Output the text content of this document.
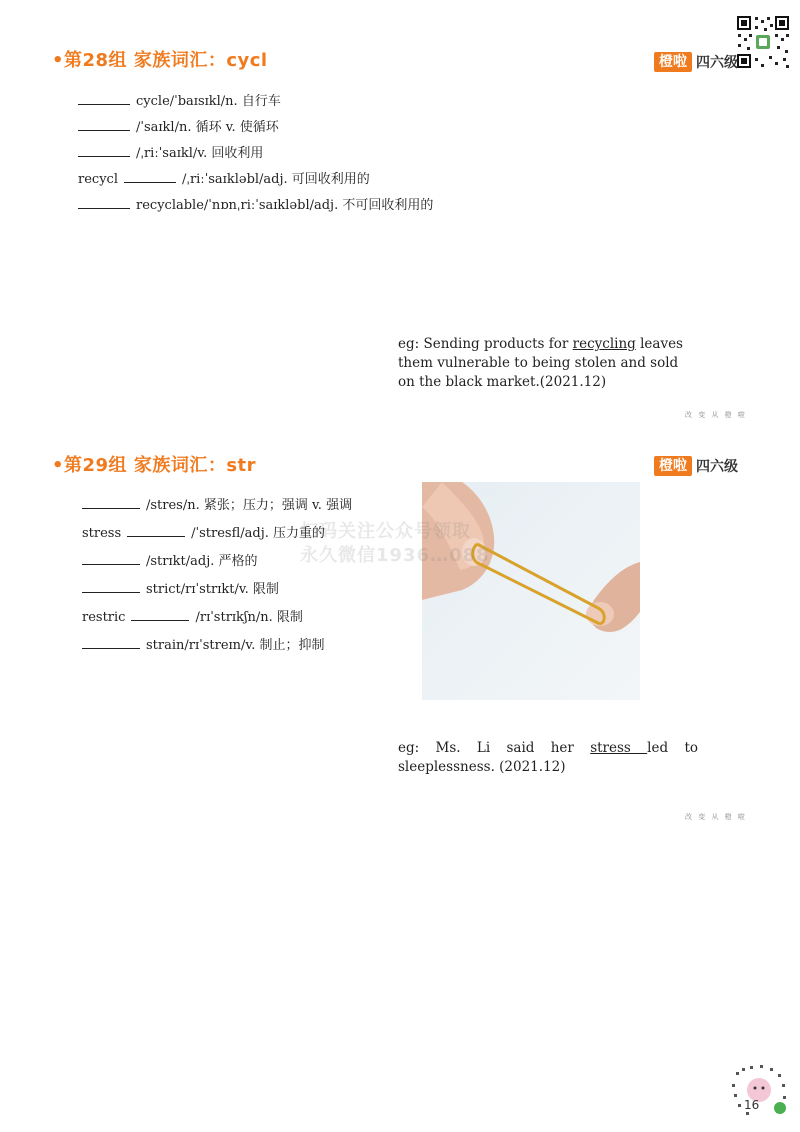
•第28组 家族词汇：cycl	橙啦 四六级
cycle/ˈbaɪsɪkl/n. 自行车
/ˈsaɪkl/n. 循环 v. 使循环
/ˌriːˈsaɪkl/v. 回收利用
recycl	/ˌriːˈsaɪkləbl/adj. 可回收利用的
recyclable/ˈnɒnˌriːˈsaɪkləbl/adj. 不可回收利用的
eg: Sending products for recycling leaves them vulnerable to being stolen and sold on the black market.(2021.12)
改 变 从 橙 啦
•第29组 家族词汇：str	橙啦 四六级
/stres/n. 紧张；压力；强调 v. 强调
stress	/ˈstresfl/adj. 压力重的
/strɪkt/adj. 严格的
strict/rɪˈstrɪkt/v. 限制
restric	/rɪˈstrɪkʃn/n. 限制
strain/rɪˈstreɪn/v. 制止；抑制
扫码关注公众号领取
永久微信1936…088
eg: Ms. Li said her stress led to sleeplessness. (2021.12)
改 变 从 橙 啦
16
